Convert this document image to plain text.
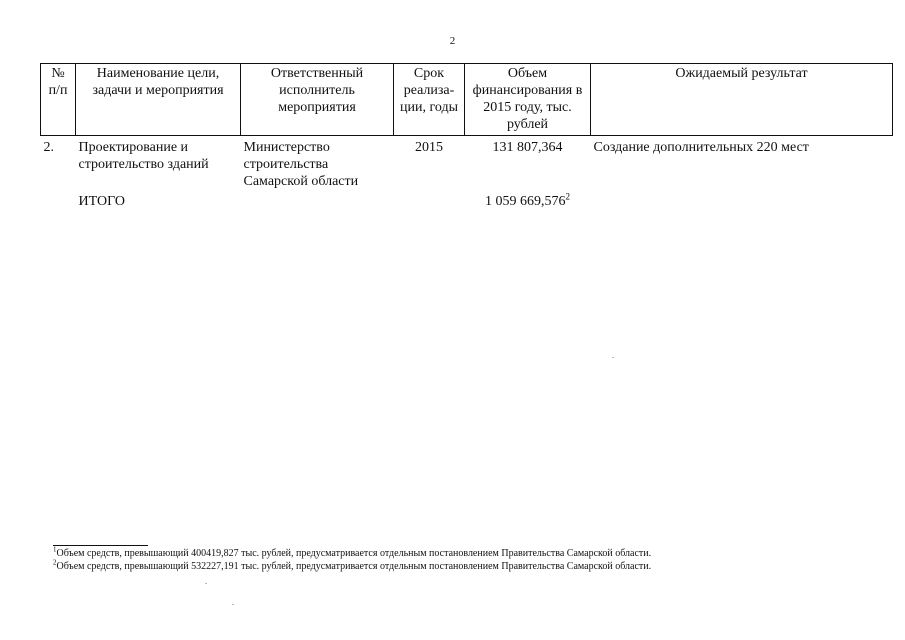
2
№ п/п	Наименование цели, задачи и мероприятия	Ответственный исполнитель мероприятия	Срок реализа-ции, годы	Объем финансирования в 2015 году, тыс. рублей	Ожидаемый результат
2.	Проектирование и строительство зданий	Министерство строительства Самарской области	2015	131 807,364	Создание дополнительных 220 мест
	ИТОГО			1 059 669,576$^2$	
$^1$Объем средств, превышающий 400419,827 тыс. рублей, предусматривается отдельным постановлением Правительства Самарской области.
$^2$Объем средств, превышающий 532227,191 тыс. рублей, предусматривается отдельным постановлением Правительства Самарской области.
